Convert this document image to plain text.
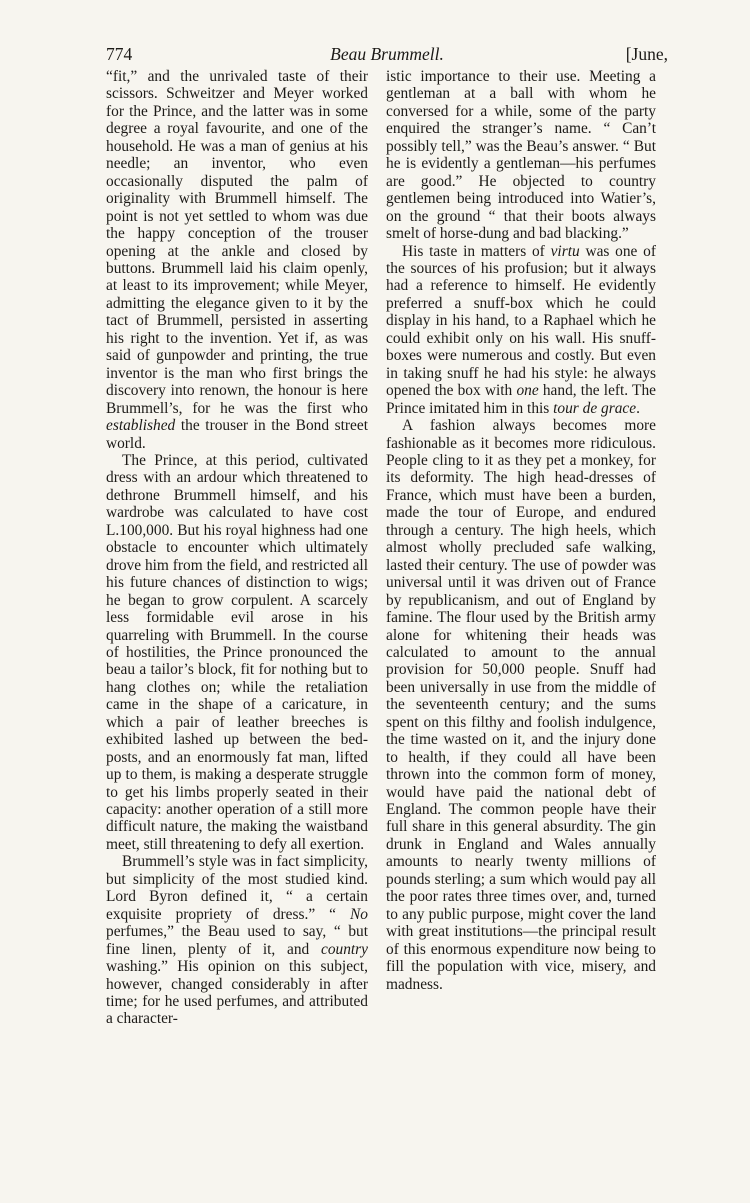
774	Beau Brummell.	[June,

“fit,” and the unrivaled taste of their scissors. Schweitzer and Meyer worked for the Prince, and the latter was in some degree a royal favourite, and one of the household. He was a man of genius at his needle; an inventor, who even occasionally disputed the palm of originality with Brummell himself. The point is not yet settled to whom was due the happy conception of the trouser opening at the ankle and closed by buttons. Brummell laid his claim openly, at least to its improvement; while Meyer, admitting the elegance given to it by the tact of Brummell, persisted in asserting his right to the invention. Yet if, as was said of gunpowder and printing, the true inventor is the man who first brings the discovery into renown, the honour is here Brummell’s, for he was the first who established the trouser in the Bond street world.

The Prince, at this period, cultivated dress with an ardour which threatened to dethrone Brummell himself, and his wardrobe was calculated to have cost L.100,000. But his royal highness had one obstacle to encounter which ultimately drove him from the field, and restricted all his future chances of distinction to wigs; he began to grow corpulent. A scarcely less formidable evil arose in his quarreling with Brummell. In the course of hostilities, the Prince pronounced the beau a tailor’s block, fit for nothing but to hang clothes on; while the retaliation came in the shape of a caricature, in which a pair of leather breeches is exhibited lashed up between the bed-posts, and an enormously fat man, lifted up to them, is making a desperate struggle to get his limbs properly seated in their capacity: another operation of a still more difficult nature, the making the waistband meet, still threatening to defy all exertion.

Brummell’s style was in fact simplicity, but simplicity of the most studied kind. Lord Byron defined it, “ a certain exquisite propriety of dress.” “ No perfumes,” the Beau used to say, “ but fine linen, plenty of it, and country washing.” His opinion on this subject, however, changed considerably in after time; for he used perfumes, and attributed a character-

istic importance to their use. Meeting a gentleman at a ball with whom he conversed for a while, some of the party enquired the stranger’s name. “ Can’t possibly tell,” was the Beau’s answer. “ But he is evidently a gentleman—his perfumes are good.” He objected to country gentlemen being introduced into Watier’s, on the ground “ that their boots always smelt of horse-dung and bad blacking.”

His taste in matters of virtu was one of the sources of his profusion; but it always had a reference to himself. He evidently preferred a snuff-box which he could display in his hand, to a Raphael which he could exhibit only on his wall. His snuff-boxes were numerous and costly. But even in taking snuff he had his style: he always opened the box with one hand, the left. The Prince imitated him in this tour de grace.

A fashion always becomes more fashionable as it becomes more ridiculous. People cling to it as they pet a monkey, for its deformity. The high head-dresses of France, which must have been a burden, made the tour of Europe, and endured through a century. The high heels, which almost wholly precluded safe walking, lasted their century. The use of powder was universal until it was driven out of France by republicanism, and out of England by famine. The flour used by the British army alone for whitening their heads was calculated to amount to the annual provision for 50,000 people. Snuff had been universally in use from the middle of the seventeenth century; and the sums spent on this filthy and foolish indulgence, the time wasted on it, and the injury done to health, if they could all have been thrown into the common form of money, would have paid the national debt of England. The common people have their full share in this general absurdity. The gin drunk in England and Wales annually amounts to nearly twenty millions of pounds sterling; a sum which would pay all the poor rates three times over, and, turned to any public purpose, might cover the land with great institutions—the principal result of this enormous expenditure now being to fill the population with vice, misery, and madness.
